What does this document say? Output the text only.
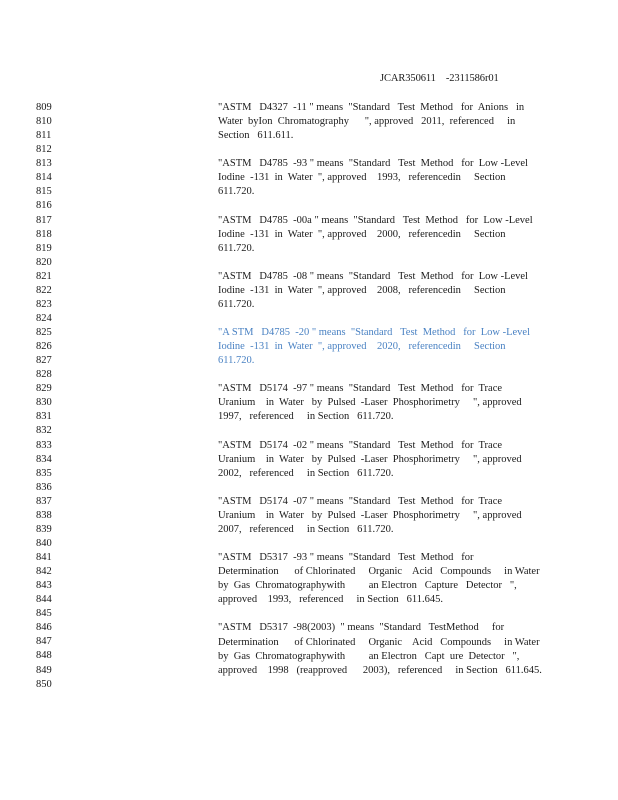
JCAR350611    -2311586r01
809
810
811
812
813
814
815
816
817
818
819
820
821
822
823
824
825
826
827
828
829
830
831
832
833
834
835
836
837
838
839
840
841
842
843
844
845
846
847
848
849
850
"ASTM   D4327  -11 " means  "Standard   Test  Method   for  Anions   in
Water  byIon  Chromatography      ", approved   2011,  referenced     in
Section   611.611.
"ASTM   D4785  -93 " means  "Standard   Test  Method   for  Low -Level
Iodine  -131  in  Water  ", approved    1993,   referencedin     Section
611.720.
"ASTM   D4785  -00a " means  "Standard   Test  Method   for  Low -Level
Iodine  -131  in  Water  ", approved    2000,   referencedin     Section
611.720.
"ASTM   D4785  -08 " means  "Standard   Test  Method   for  Low -Level
Iodine  -131  in  Water  ", approved    2008,   referencedin     Section
611.720.
"A STM   D4785  -20 " means  "Standard   Test  Method   for  Low -Level
Iodine  -131  in  Water  ", approved    2020,   referencedin     Section
611.720.
"ASTM   D5174  -97 " means  "Standard   Test  Method   for  Trace
Uranium    in  Water   by  Pulsed  -Laser  Phosphorimetry     ", approved
1997,   referenced     in Section   611.720.
"ASTM   D5174  -02 " means  "Standard   Test  Method   for  Trace
Uranium    in  Water   by  Pulsed  -Laser  Phosphorimetry     ", approved
2002,   referenced     in Section   611.720.
"ASTM   D5174  -07 " means  "Standard   Test  Method   for  Trace
Uranium    in  Water   by  Pulsed  -Laser  Phosphorimetry     ", approved
2007,   referenced     in Section   611.720.
"ASTM   D5317  -93 " means  "Standard   Test  Method   for
Determination      of Chlorinated     Organic    Acid   Compounds     in Water
by  Gas  Chromatographywith         an Electron   Capture   Detector   ",
approved    1993,   referenced     in Section   611.645.
"ASTM   D5317  -98(2003)  " means  "Standard   TestMethod     for
Determination      of Chlorinated     Organic    Acid   Compounds     in Water
by  Gas  Chromatographywith         an Electron   Capt  ure  Detector   ",
approved    1998   (reapproved      2003),   referenced     in Section   611.645.
